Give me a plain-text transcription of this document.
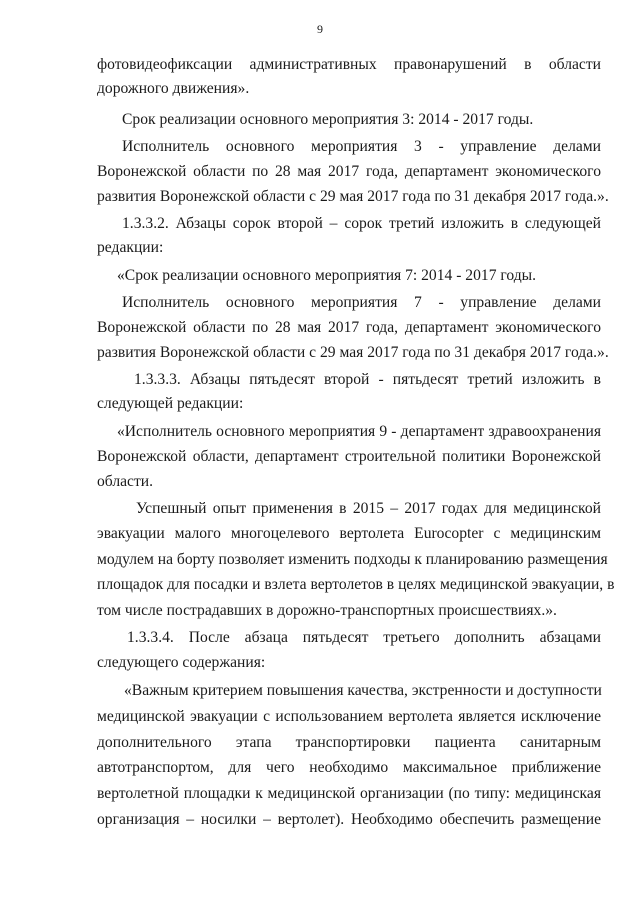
9
фотовидеофиксации административных правонарушений в области
дорожного движения».
Срок реализации основного мероприятия 3: 2014 - 2017 годы.
Исполнитель основного мероприятия 3 - управление делами
Воронежской области по 28 мая 2017 года, департамент экономического
развития Воронежской области с 29 мая 2017 года по 31 декабря 2017 года.».
1.3.3.2. Абзацы сорок второй – сорок третий изложить в следующей
редакции:
«Срок реализации основного мероприятия 7: 2014 - 2017 годы.
Исполнитель основного мероприятия 7 - управление делами
Воронежской области по 28 мая 2017 года, департамент экономического
развития Воронежской области с 29 мая 2017 года по 31 декабря 2017 года.».
1.3.3.3. Абзацы пятьдесят второй - пятьдесят третий изложить в
следующей редакции:
«Исполнитель основного мероприятия 9 - департамент здравоохранения
Воронежской области, департамент строительной политики Воронежской
области.
Успешный опыт применения в 2015 – 2017 годах для медицинской
эвакуации малого многоцелевого вертолета Eurocopter с медицинским
модулем на борту позволяет изменить подходы к планированию размещения
площадок для посадки и взлета вертолетов в целях медицинской эвакуации, в
том числе пострадавших в дорожно-транспортных происшествиях.».
1.3.3.4. После абзаца пятьдесят третьего дополнить абзацами
следующего содержания:
«Важным критерием повышения качества, экстренности и доступности
медицинской эвакуации с использованием вертолета является исключение
дополнительного этапа транспортировки пациента санитарным
автотранспортом, для чего необходимо максимальное приближение
вертолетной площадки к медицинской организации (по типу: медицинская
организация – носилки – вертолет). Необходимо обеспечить размещение
